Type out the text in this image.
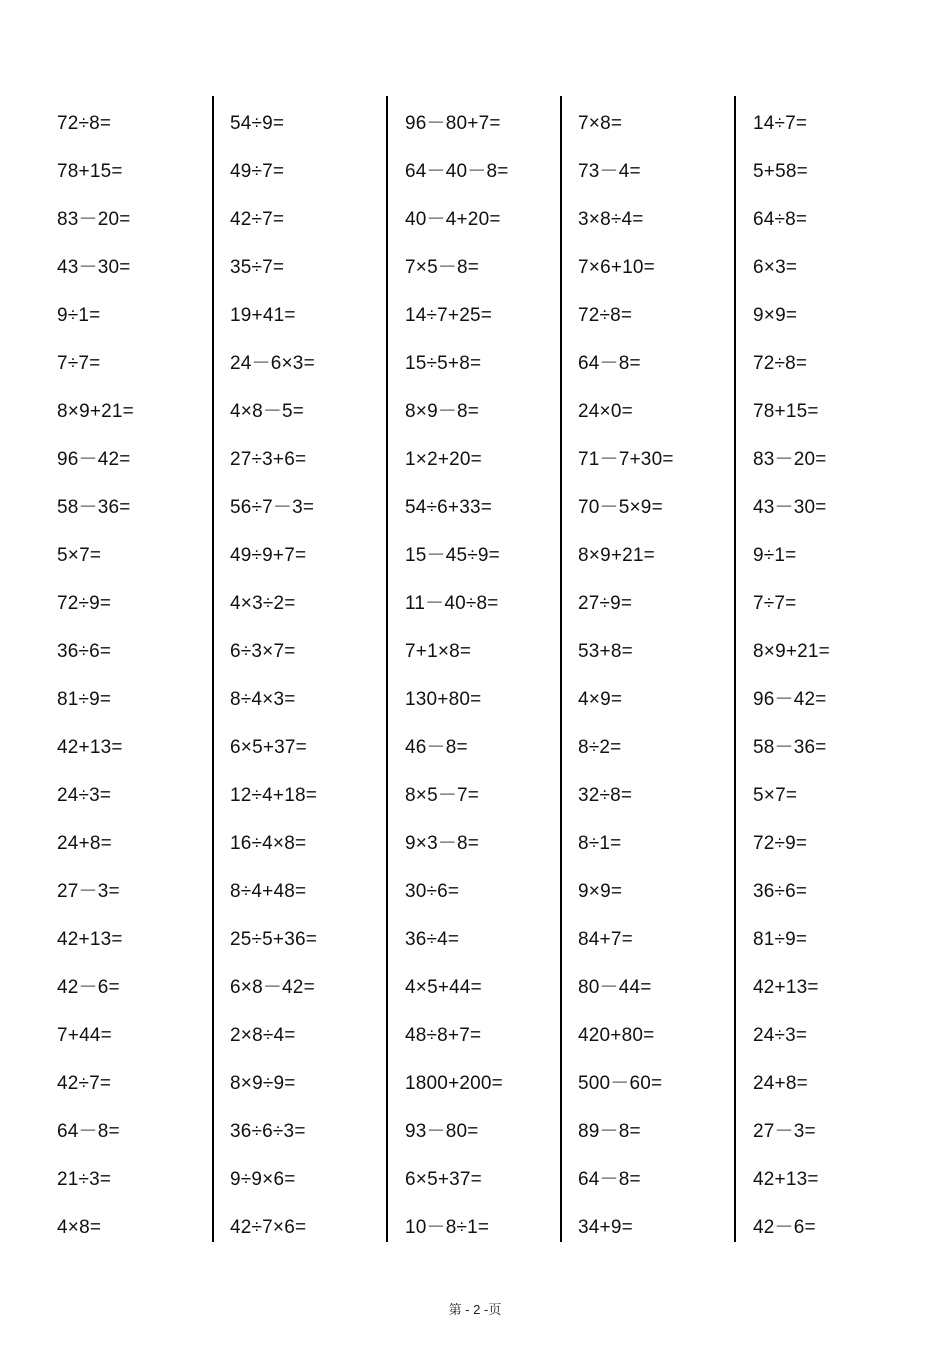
72÷8=
78+15=
83－20=
43－30=
9÷1=
7÷7=
8×9+21=
96－42=
58－36=
5×7=
72÷9=
36÷6=
81÷9=
42+13=
24÷3=
24+8=
27－3=
42+13=
42－6=
7+44=
42÷7=
64－8=
21÷3=
4×8=
54÷9=
49÷7=
42÷7=
35÷7=
19+41=
24－6×3=
4×8－5=
27÷3+6=
56÷7－3=
49÷9+7=
4×3÷2=
6÷3×7=
8÷4×3=
6×5+37=
12÷4+18=
16÷4×8=
8÷4+48=
25÷5+36=
6×8－42=
2×8÷4=
8×9÷9=
36÷6÷3=
9÷9×6=
42÷7×6=
96－80+7=
64－40－8=
40－4+20=
7×5－8=
14÷7+25=
15÷5+8=
8×9－8=
1×2+20=
54÷6+33=
15－45÷9=
11－40÷8=
7+1×8=
130+80=
46－8=
8×5－7=
9×3－8=
30÷6=
36÷4=
4×5+44=
48÷8+7=
1800+200=
93－80=
6×5+37=
10－8÷1=
7×8=
73－4=
3×8÷4=
7×6+10=
72÷8=
64－8=
24×0=
71－7+30=
70－5×9=
8×9+21=
27÷9=
53+8=
4×9=
8÷2=
32÷8=
8÷1=
9×9=
84+7=
80－44=
420+80=
500－60=
89－8=
64－8=
34+9=
14÷7=
5+58=
64÷8=
6×3=
9×9=
72÷8=
78+15=
83－20=
43－30=
9÷1=
7÷7=
8×9+21=
96－42=
58－36=
5×7=
72÷9=
36÷6=
81÷9=
42+13=
24÷3=
24+8=
27－3=
42+13=
42－6=
第 - 2 -页
